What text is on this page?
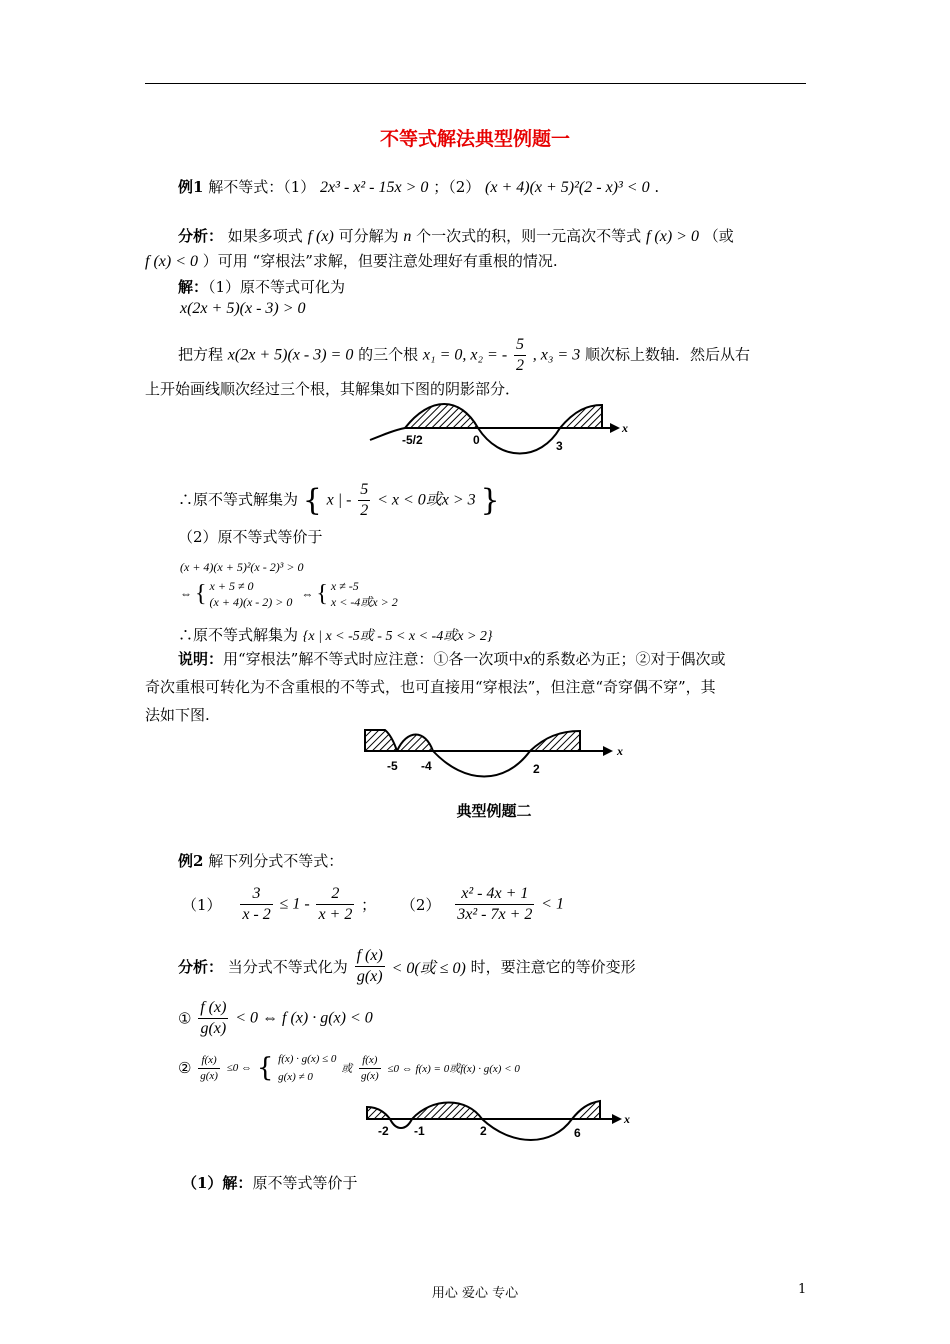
不等式解法典型例题一
例1 解不等式：（1） 2x³ - x² - 15x > 0 ；（2） (x + 4)(x + 5)²(2 - x)³ < 0 .
分析： 如果多项式 f (x) 可分解为 n 个一次式的积，则一元高次不等式 f (x) > 0 （或
f (x) < 0 ）可用 “穿根法”求解，但要注意处理好有重根的情况.
解：（1）原不等式可化为
x(2x + 5)(x - 3) > 0
把方程 x(2x + 5)(x - 3) = 0 的三个根 x₁ = 0, x₂ = - $\frac{5}{2}$ , x₃ = 3 顺次标上数轴．然后从右
上开始画线顺次经过三个根，其解集如下图的阴影部分．
-5/2	0	3
x
∴原不等式解集为 { x | - $\frac{5}{2} < x < 0$或x > 3 }
（2）原不等式等价于
(x + 4)(x + 5)²(x - 2)³ > 0
⇔ { x + 5 ≠ 0
(x + 4)(x - 2) > 0
⇔ { x ≠ -5
x < -4或x > 2
∴原不等式解集为 {x | x < -5或 - 5 < x < -4或x > 2}
说明：用“穿根法”解不等式时应注意：①各一次项中x的系数必为正；②对于偶次或
奇次重根可转化为不含重根的不等式，也可直接用“穿根法”，但注意“奇穿偶不穿”，其
法如下图.
-5 -4	2
x
典型例题二
例2 解下列分式不等式：
$(1) \frac{3}{x - 2} \le 1 - \frac{2}{x + 2}$ ； $(2) \frac{\text{x² - 4x + 1}}{\text{3x² - 7x + 2}} < 1$
分析： 当分式不等式化为 $\frac{f (x)}{g(x)} < 0$(或 ≤ 0) 时，要注意它的等价变形
① $\frac{f (x)}{g(x)} < 0$ ⇔ f (x) · g(x) < 0
② $\frac{f(x)}{g(x)} \le 0$ ⇔ { f(x) · g(x) ≤ 0
g(x) ≠ 0
或 $\frac{f(x)}{g(x)} \le 0$ ⇔ f(x) = 0或f(x) · g(x) < 0
-2 -1	2	6
x
（1）解：原不等式等价于
用心 爱心 专心	1
